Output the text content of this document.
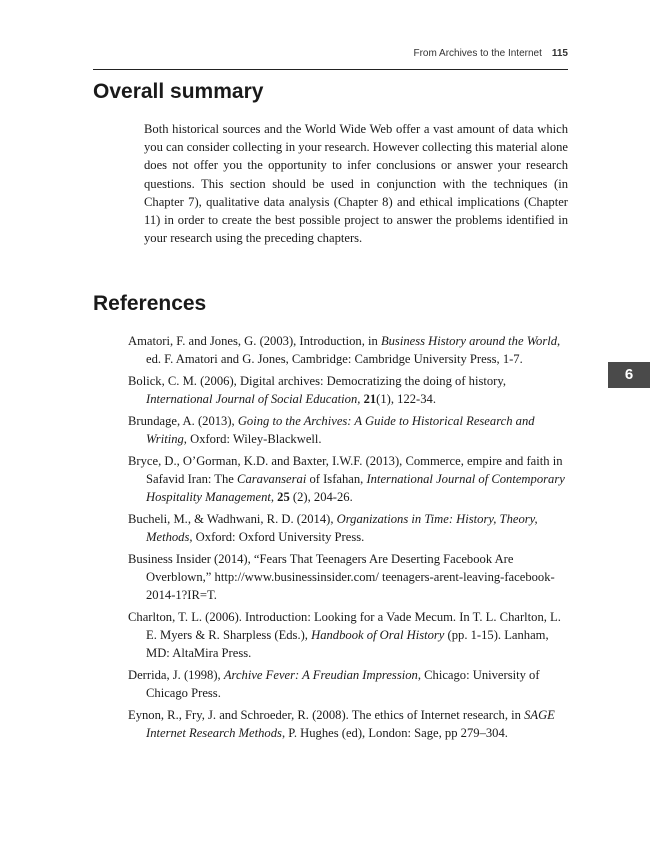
From Archives to the Internet 115
Overall summary

Both historical sources and the World Wide Web offer a vast amount of data which you can consider collecting in your research. However collecting this material alone does not offer you the opportunity to infer conclusions or answer your research questions. This section should be used in conjunction with the techniques (in Chapter 7), qualitative data analysis (Chapter 8) and ethical implications (Chapter 11) in order to create the best possible project to answer the problems identified in your research using the preceding chapters.

References
Amatori, F. and Jones, G. (2003), Introduction, in Business History around the World, ed. F. Amatori and G. Jones, Cambridge: Cambridge University Press, 1-7.
Bolick, C. M. (2006), Digital archives: Democratizing the doing of history, International Journal of Social Education, 21(1), 122-34.
Brundage, A. (2013), Going to the Archives: A Guide to Historical Research and Writing, Oxford: Wiley-Blackwell.
Bryce, D., O’Gorman, K.D. and Baxter, I.W.F. (2013), Commerce, empire and faith in Safavid Iran: The Caravanserai of Isfahan, International Journal of Contemporary Hospitality Management, 25 (2), 204-26.
Bucheli, M., & Wadhwani, R. D. (2014), Organizations in Time: History, Theory, Methods, Oxford: Oxford University Press.
Business Insider (2014), “Fears That Teenagers Are Deserting Facebook Are Overblown,” http://www.businessinsider.com/ teenagers-arent-leaving-facebook-2014-1?IR=T.
Charlton, T. L. (2006). Introduction: Looking for a Vade Mecum. In T. L. Charlton, L. E. Myers & R. Sharpless (Eds.), Handbook of Oral History (pp. 1-15). Lanham, MD: AltaMira Press.
Derrida, J. (1998), Archive Fever: A Freudian Impression, Chicago: University of Chicago Press.
Eynon, R., Fry, J. and Schroeder, R. (2008). The ethics of Internet research, in SAGE Internet Research Methods, P. Hughes (ed), London: Sage, pp 279–304.
6
